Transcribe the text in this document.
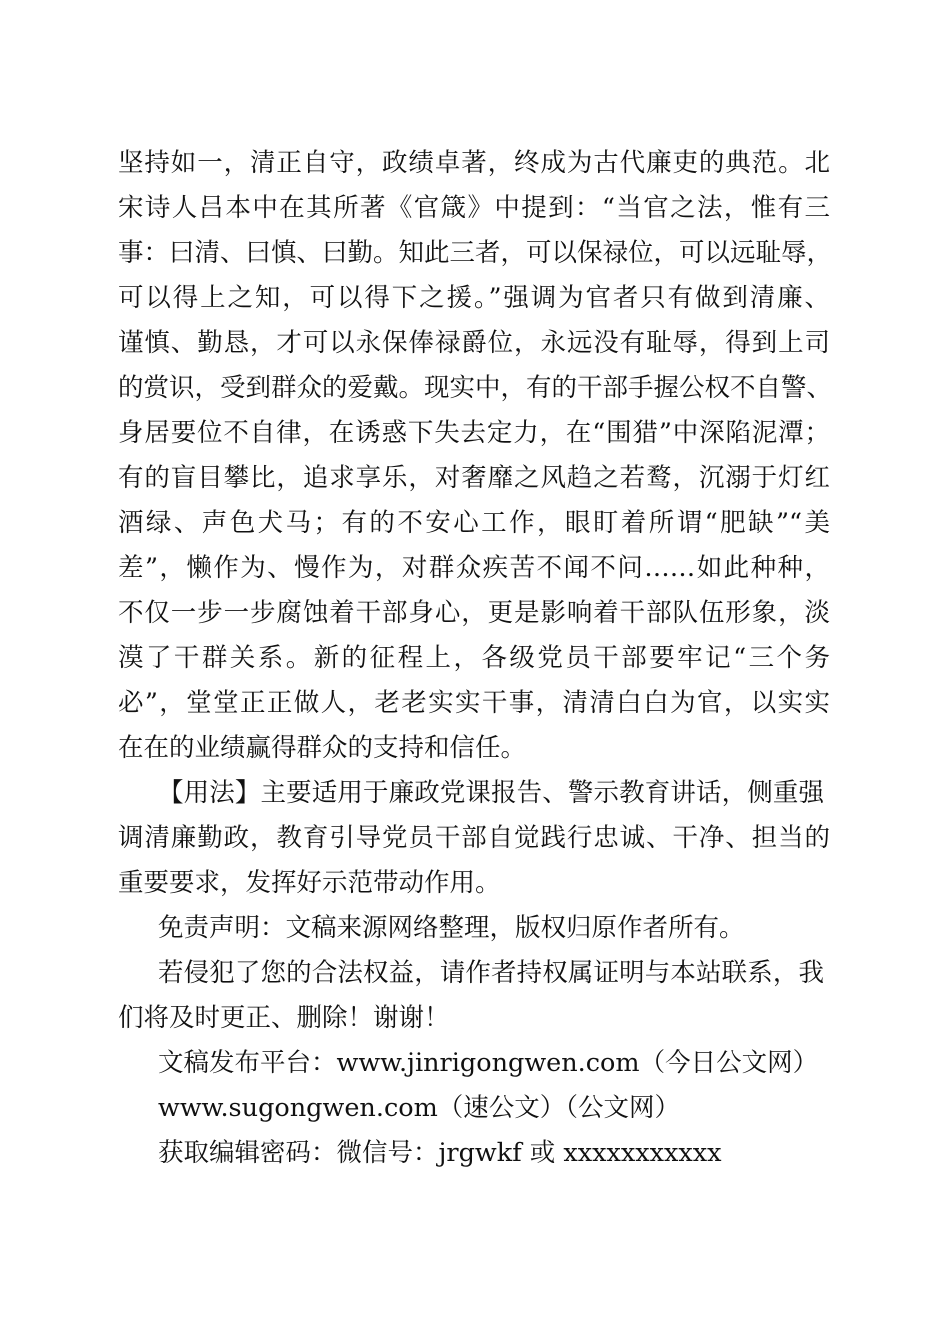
坚持如一，清正自守，政绩卓著，终成为古代廉吏的典范。北
宋诗人吕本中在其所著《官箴》中提到：“当官之法，惟有三
事：曰清、曰慎、曰勤。知此三者，可以保禄位，可以远耻辱，
可以得上之知，可以得下之援。”强调为官者只有做到清廉、
谨慎、勤恳，才可以永保俸禄爵位，永远没有耻辱，得到上司
的赏识，受到群众的爱戴。现实中，有的干部手握公权不自警、
身居要位不自律，在诱惑下失去定力，在“围猎”中深陷泥潭；
有的盲目攀比，追求享乐，对奢靡之风趋之若鹜，沉溺于灯红
酒绿、声色犬马；有的不安心工作，眼盯着所谓“肥缺”“美
差”，懒作为、慢作为，对群众疾苦不闻不问……如此种种，
不仅一步一步腐蚀着干部身心，更是影响着干部队伍形象，淡
漠了干群关系。新的征程上，各级党员干部要牢记“三个务
必”，堂堂正正做人，老老实实干事，清清白白为官，以实实
在在的业绩赢得群众的支持和信任。
【用法】主要适用于廉政党课报告、警示教育讲话，侧重强
调清廉勤政，教育引导党员干部自觉践行忠诚、干净、担当的
重要要求，发挥好示范带动作用。
免责声明：文稿来源网络整理，版权归原作者所有。
若侵犯了您的合法权益，请作者持权属证明与本站联系，我
们将及时更正、删除！谢谢！
文稿发布平台：www.jinrigongwen.com（今日公文网）
www.sugongwen.com（速公文）（公文网）
获取编辑密码：微信号：jrgwkf 或 xxxxxxxxxxx
